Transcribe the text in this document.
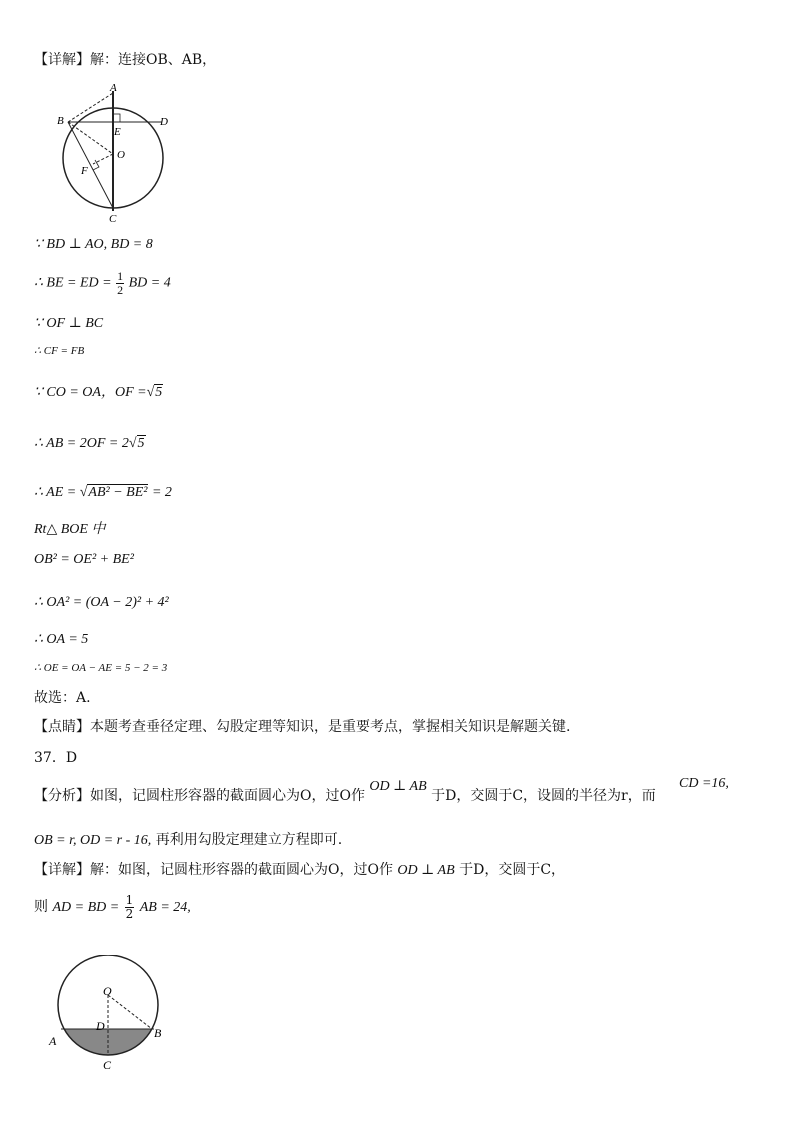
【详解】解：连接OB、AB，
A
B	D
E
O
F
C
∵ BD ⊥ AO, BD = 8
∴ BE = ED = $\frac{1}{2}$ BD = 4
∵ OF ⊥ BC
∴ CF = FB
∵ CO = OA，OF =√5
∴ AB = 2OF = 2√5
∴ AE = √AB² − BE² = 2
Rt△ BOE 中
OB² = OE² + BE²
∴ OA² = (OA − 2)² + 4²
∴ OA = 5
∴ OE = OA − AE = 5 − 2 = 3
故选：A.
【点睛】本题考查垂径定理、勾股定理等知识，是重要考点，掌握相关知识是解题关键.
37．D
【分析】如图，记圆柱形容器的截面圆心为O，过O作 OD ⊥ AB 于D，交圆于C，设圆的半径为r，而
CD =16,
OB = r, OD = r - 16, 再利用勾股定理建立方程即可.
【详解】解：如图，记圆柱形容器的截面圆心为O，过O作 OD ⊥ AB 于D，交圆于C，
则 AD = BD = $\frac{1}{2}$ AB = 24,
O
D
A
B
C
